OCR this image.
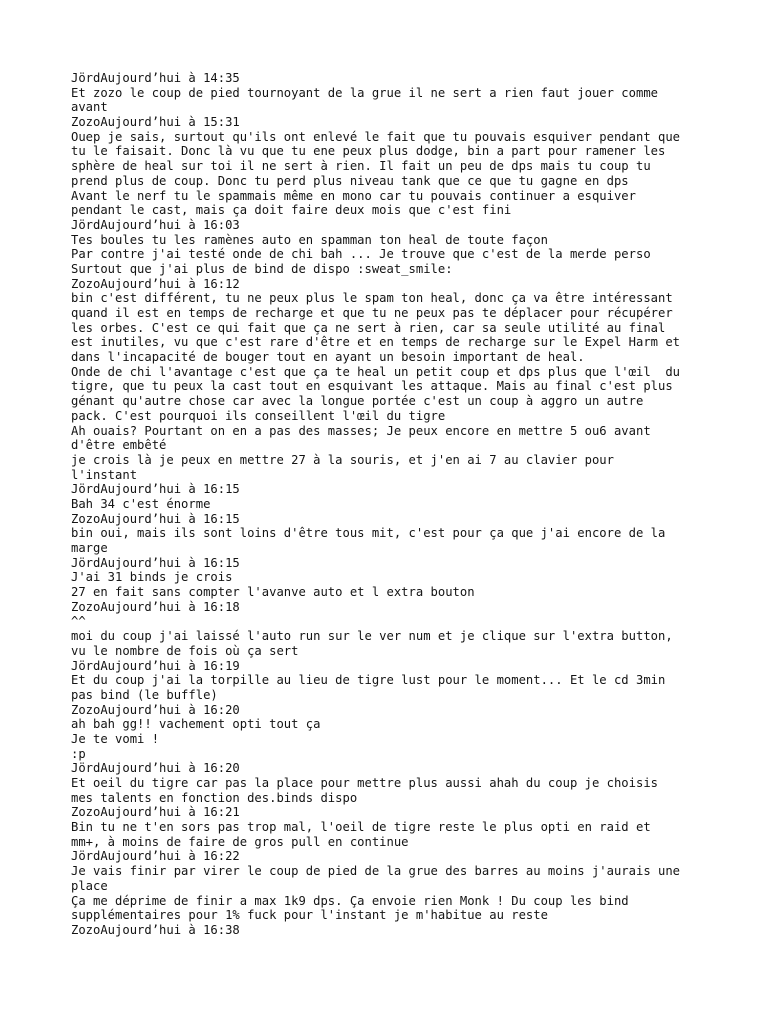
JördAujourd’hui à 14:35
Et zozo le coup de pied tournoyant de la grue il ne sert a rien faut jouer comme
avant
ZozoAujourd’hui à 15:31
Ouep je sais, surtout qu'ils ont enlevé le fait que tu pouvais esquiver pendant que
tu le faisait. Donc là vu que tu ene peux plus dodge, bin a part pour ramener les
sphère de heal sur toi il ne sert à rien. Il fait un peu de dps mais tu coup tu
prend plus de coup. Donc tu perd plus niveau tank que ce que tu gagne en dps
Avant le nerf tu le spammais même en mono car tu pouvais continuer a esquiver
pendant le cast, mais ça doit faire deux mois que c'est fini
JördAujourd’hui à 16:03
Tes boules tu les ramènes auto en spamman ton heal de toute façon
Par contre j'ai testé onde de chi bah ... Je trouve que c'est de la merde perso
Surtout que j'ai plus de bind de dispo :sweat_smile:
ZozoAujourd’hui à 16:12
bin c'est différent, tu ne peux plus le spam ton heal, donc ça va être intéressant
quand il est en temps de recharge et que tu ne peux pas te déplacer pour récupérer
les orbes. C'est ce qui fait que ça ne sert à rien, car sa seule utilité au final
est inutiles, vu que c'est rare d'être et en temps de recharge sur le Expel Harm et
dans l'incapacité de bouger tout en ayant un besoin important de heal.
Onde de chi l'avantage c'est que ça te heal un petit coup et dps plus que l'œil  du
tigre, que tu peux la cast tout en esquivant les attaque. Mais au final c'est plus
génant qu'autre chose car avec la longue portée c'est un coup à aggro un autre
pack. C'est pourquoi ils conseillent l'œil du tigre
Ah ouais? Pourtant on en a pas des masses; Je peux encore en mettre 5 ou6 avant
d'être embêté
je crois là je peux en mettre 27 à la souris, et j'en ai 7 au clavier pour
l'instant
JördAujourd’hui à 16:15
Bah 34 c'est énorme
ZozoAujourd’hui à 16:15
bin oui, mais ils sont loins d'être tous mit, c'est pour ça que j'ai encore de la
marge
JördAujourd’hui à 16:15
J'ai 31 binds je crois
27 en fait sans compter l'avanve auto et l extra bouton
ZozoAujourd’hui à 16:18
^^
moi du coup j'ai laissé l'auto run sur le ver num et je clique sur l'extra button,
vu le nombre de fois où ça sert
JördAujourd’hui à 16:19
Et du coup j'ai la torpille au lieu de tigre lust pour le moment... Et le cd 3min
pas bind (le buffle)
ZozoAujourd’hui à 16:20
ah bah gg!! vachement opti tout ça
Je te vomi !
:p
JördAujourd’hui à 16:20
Et oeil du tigre car pas la place pour mettre plus aussi ahah du coup je choisis
mes talents en fonction des.binds dispo
ZozoAujourd’hui à 16:21
Bin tu ne t'en sors pas trop mal, l'oeil de tigre reste le plus opti en raid et
mm+, à moins de faire de gros pull en continue
JördAujourd’hui à 16:22
Je vais finir par virer le coup de pied de la grue des barres au moins j'aurais une
place
Ça me déprime de finir a max 1k9 dps. Ça envoie rien Monk ! Du coup les bind
supplémentaires pour 1% fuck pour l'instant je m'habitue au reste
ZozoAujourd’hui à 16:38
